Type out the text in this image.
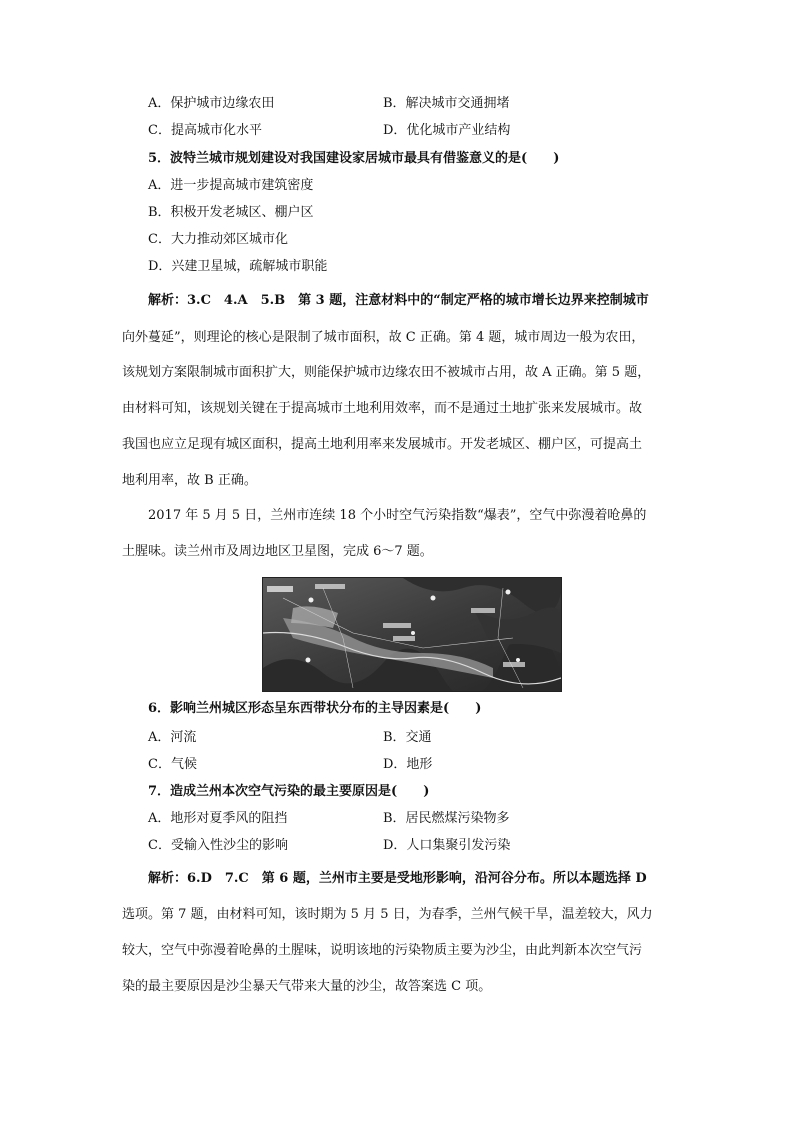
A．保护城市边缘农田	B．解决城市交通拥堵
C．提高城市化水平	D．优化城市产业结构
5．波特兰城市规划建设对我国建设家居城市最具有借鉴意义的是(　　)
A．进一步提高城市建筑密度
B．积极开发老城区、棚户区
C．大力推动郊区城市化
D．兴建卫星城，疏解城市职能
解析：3.C　4.A　5.B　第 3 题，注意材料中的“制定严格的城市增长边界来控制城市
向外蔓延”，则理论的核心是限制了城市面积，故 C 正确。第 4 题，城市周边一般为农田，
该规划方案限制城市面积扩大，则能保护城市边缘农田不被城市占用，故 A 正确。第 5 题，
由材料可知，该规划关键在于提高城市土地利用效率，而不是通过土地扩张来发展城市。故
我国也应立足现有城区面积，提高土地利用率来发展城市。开发老城区、棚户区，可提高土
地利用率，故 B 正确。
2017 年 5 月 5 日，兰州市连续 18 个小时空气污染指数“爆表”，空气中弥漫着呛鼻的
土腥味。读兰州市及周边地区卫星图，完成 6～7 题。
6．影响兰州城区形态呈东西带状分布的主导因素是(　　)
A．河流	B．交通
C．气候	D．地形
7．造成兰州本次空气污染的最主要原因是(　　)
A．地形对夏季风的阻挡	B．居民燃煤污染物多
C．受输入性沙尘的影响	D．人口集聚引发污染
解析：6.D　7.C　第 6 题，兰州市主要是受地形影响，沿河谷分布。所以本题选择 D
选项。第 7 题，由材料可知，该时期为 5 月 5 日，为春季，兰州气候干旱，温差较大，风力
较大，空气中弥漫着呛鼻的土腥味，说明该地的污染物质主要为沙尘，由此判新本次空气污
染的最主要原因是沙尘暴天气带来大量的沙尘，故答案选 C 项。
